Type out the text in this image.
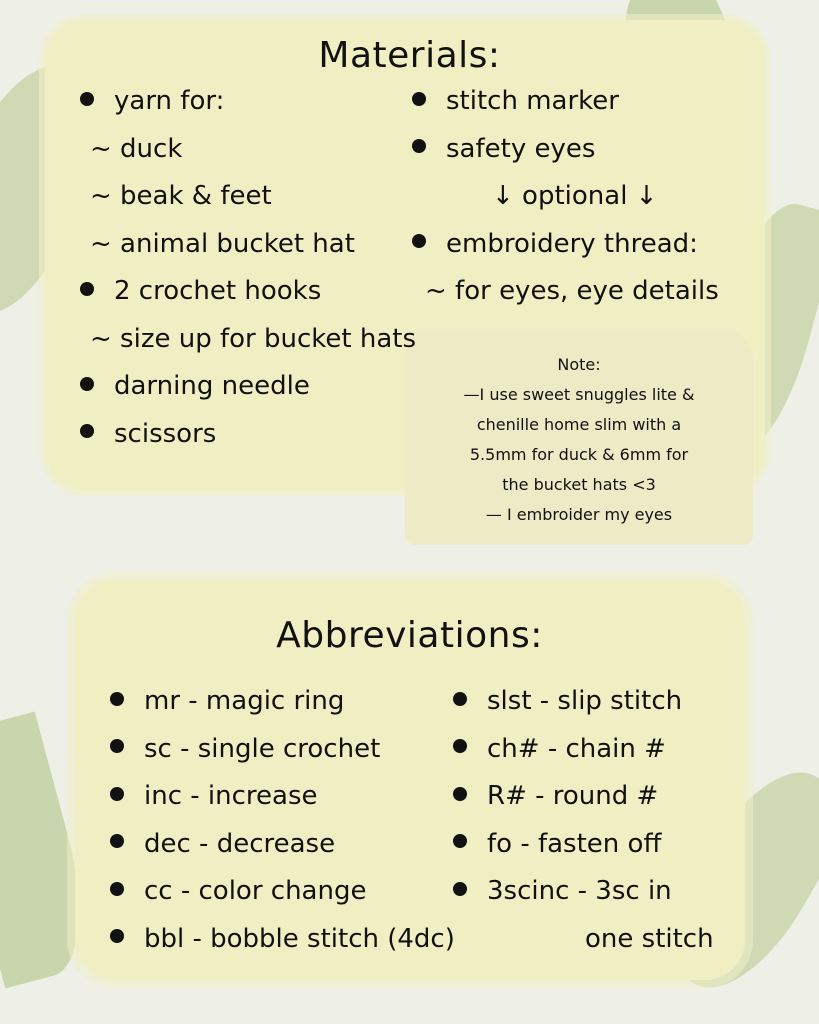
Materials:
yarn for:
~ duck
~ beak & feet
~ animal bucket hat
2 crochet hooks
~ size up for bucket hats
darning needle
scissors
stitch marker
safety eyes
↓ optional ↓
embroidery thread:
~ for eyes, eye details
Note:
—I use sweet snuggles lite &
chenille home slim with a
5.5mm for duck & 6mm for
the bucket hats <3
— I embroider my eyes
Abbreviations:
mr - magic ring
sc - single crochet
inc - increase
dec - decrease
cc - color change
bbl - bobble stitch (4dc)
slst - slip stitch
ch# - chain #
R# - round #
fo - fasten off
3scinc - 3sc in
one stitch
